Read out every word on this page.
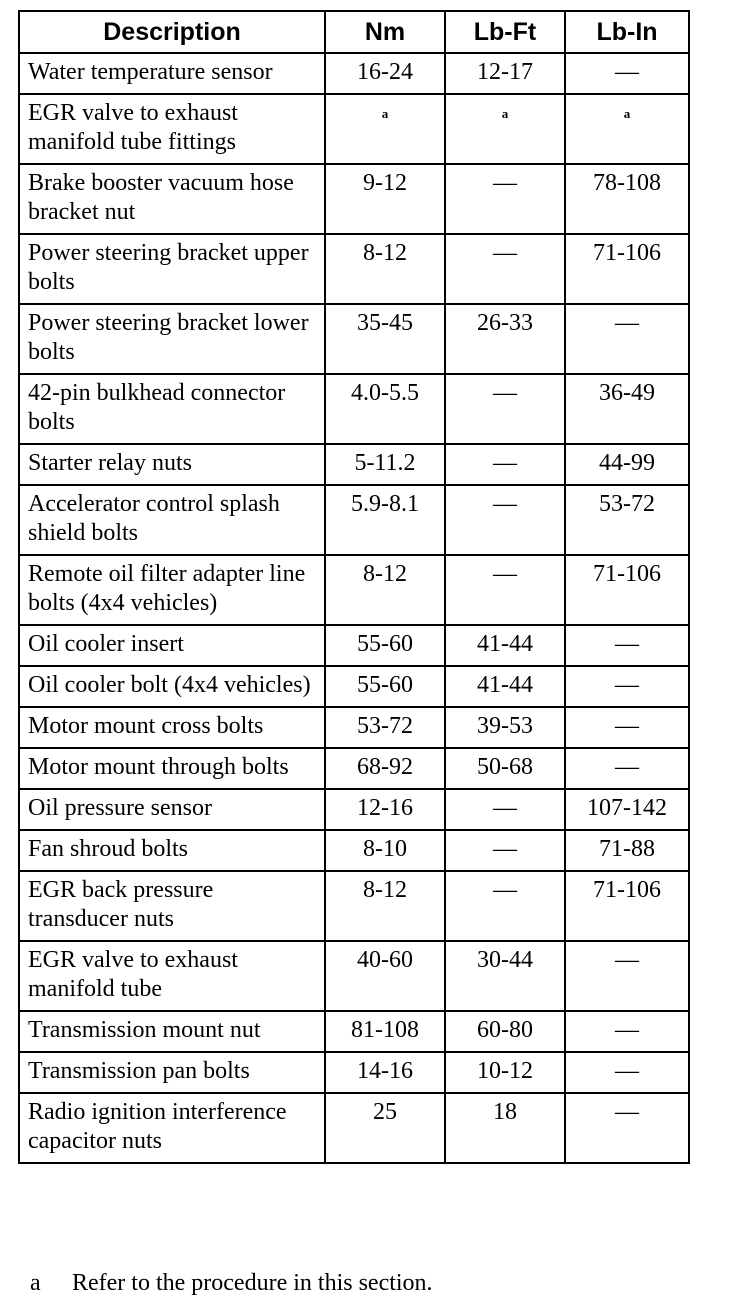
Description	Nm	Lb-Ft	Lb-In
Water temperature sensor	16-24	12-17	—
EGR valve to exhaust manifold tube fittings	a	a	a
Brake booster vacuum hose bracket nut	9-12	—	78-108
Power steering bracket upper bolts	8-12	—	71-106
Power steering bracket lower bolts	35-45	26-33	—
42-pin bulkhead connector bolts	4.0-5.5	—	36-49
Starter relay nuts	5-11.2	—	44-99
Accelerator control splash shield bolts	5.9-8.1	—	53-72
Remote oil filter adapter line bolts (4x4 vehicles)	8-12	—	71-106
Oil cooler insert	55-60	41-44	—
Oil cooler bolt (4x4 vehicles)	55-60	41-44	—
Motor mount cross bolts	53-72	39-53	—
Motor mount through bolts	68-92	50-68	—
Oil pressure sensor	12-16	—	107-142
Fan shroud bolts	8-10	—	71-88
EGR back pressure transducer nuts	8-12	—	71-106
EGR valve to exhaust manifold tube	40-60	30-44	—
Transmission mount nut	81-108	60-80	—
Transmission pan bolts	14-16	10-12	—
Radio ignition interference capacitor nuts	25	18	—
a Refer to the procedure in this section.
